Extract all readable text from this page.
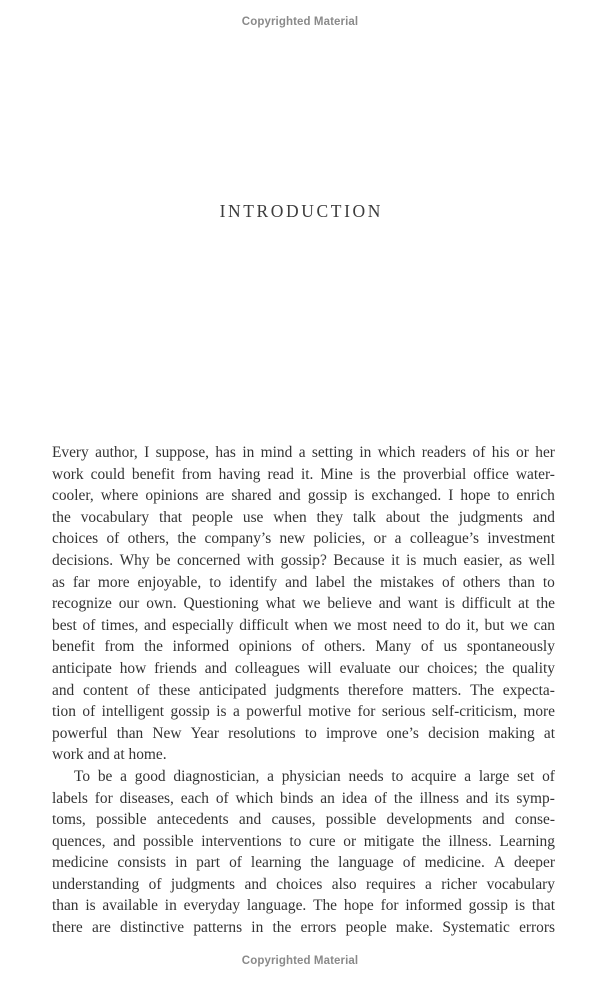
Copyrighted Material
INTRODUCTION
Every author, I suppose, has in mind a setting in which readers of his or her
work could benefit from having read it. Mine is the proverbial office water-
cooler, where opinions are shared and gossip is exchanged. I hope to enrich
the vocabulary that people use when they talk about the judgments and
choices of others, the company’s new policies, or a colleague’s investment
decisions. Why be concerned with gossip? Because it is much easier, as well
as far more enjoyable, to identify and label the mistakes of others than to
recognize our own. Questioning what we believe and want is difficult at the
best of times, and especially difficult when we most need to do it, but we can
benefit from the informed opinions of others. Many of us spontaneously
anticipate how friends and colleagues will evaluate our choices; the quality
and content of these anticipated judgments therefore matters. The expecta-
tion of intelligent gossip is a powerful motive for serious self-criticism, more
powerful than New Year resolutions to improve one’s decision making at
work and at home.
To be a good diagnostician, a physician needs to acquire a large set of
labels for diseases, each of which binds an idea of the illness and its symp-
toms, possible antecedents and causes, possible developments and conse-
quences, and possible interventions to cure or mitigate the illness. Learning
medicine consists in part of learning the language of medicine. A deeper
understanding of judgments and choices also requires a richer vocabulary
than is available in everyday language. The hope for informed gossip is that
there are distinctive patterns in the errors people make. Systematic errors
Copyrighted Material
